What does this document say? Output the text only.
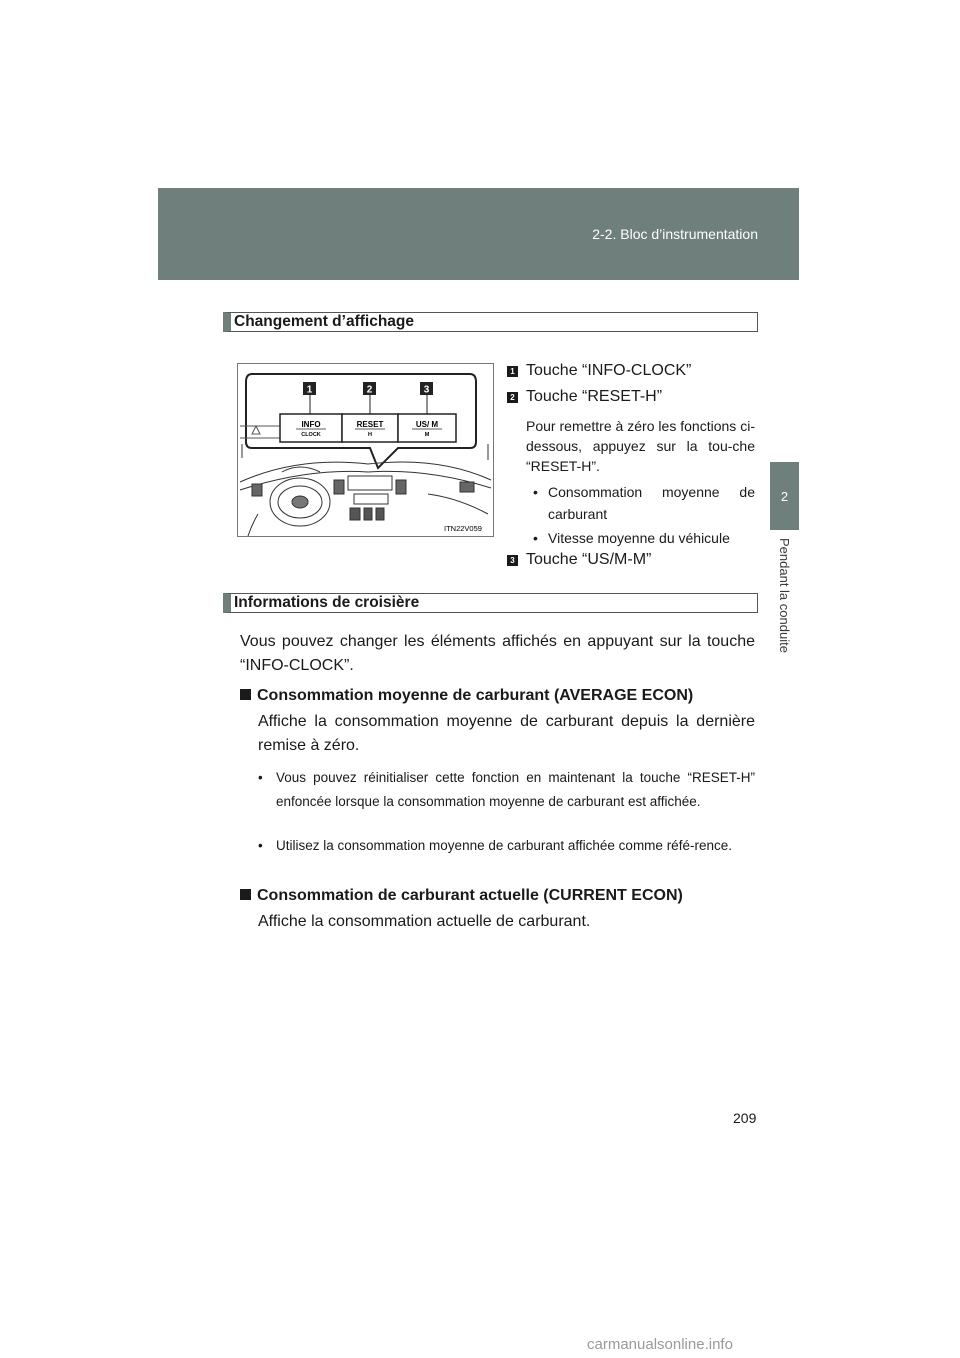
2-2. Bloc d’instrumentation
2
Pendant la conduite
Changement d’affichage
INFO
CLOCK
RESET
H
US/ M
M
1	2	3
ITN22V059
1 Touche “INFO-CLOCK”
2 Touche “RESET-H”
Pour remettre à zéro les fonctions ci-dessous, appuyez sur la tou-che “RESET-H”.
• Consommation moyenne de carburant
• Vitesse moyenne du véhicule
3 Touche “US/M-M”
Informations de croisière
Vous pouvez changer les éléments affichés en appuyant sur la touche “INFO-CLOCK”.
Consommation moyenne de carburant (AVERAGE ECON)
Affiche la consommation moyenne de carburant depuis la dernière remise à zéro.
• Vous pouvez réinitialiser cette fonction en maintenant la touche “RESET-H” enfoncée lorsque la consommation moyenne de carburant est affichée.
• Utilisez la consommation moyenne de carburant affichée comme réfé-rence.
Consommation de carburant actuelle (CURRENT ECON)
Affiche la consommation actuelle de carburant.
209
carmanualsonline.info
